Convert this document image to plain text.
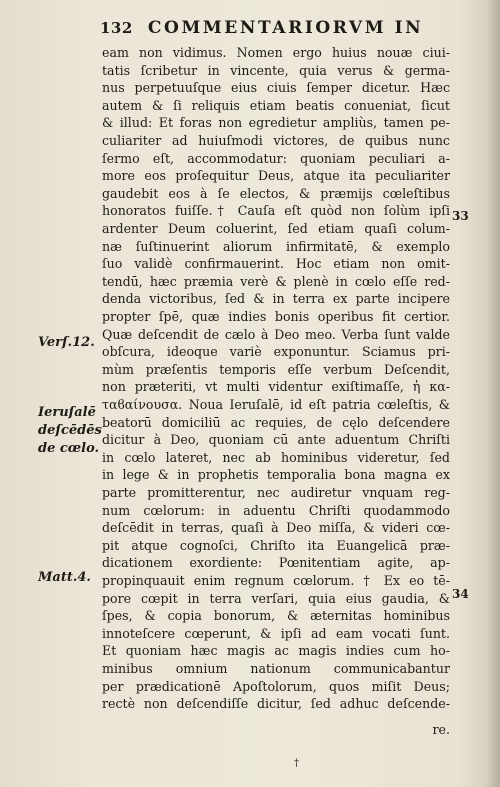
132 COMMENTARIORVM IN
eam non vidimus. Nomen ergo huius nouæ ciui-
tatis ſcribetur in vincente, quia verus & germa-
nus perpetuuſque eius ciuis ſemper dicetur. Hæc
autem & ſi reliquis etiam beatis conueniat, ſicut
& illud: Et foras non egredietur ampliùs, tamen pe-
culiariter ad huiuſmodi victores, de quibus nunc
ſermo eſt, accommodatur: quoniam peculiari a-
more eos proſequitur Deus, atque ita peculiariter
gaudebit eos à ſe electos, & præmijs cœleſtibus
honoratos fuiſſe.† Cauſa eſt quòd non ſolùm ipſi
ardenter Deum coluerint, ſed etiam quaſi colum-
næ ſuſtinuerint aliorum infirmitatē, & exemplo
ſuo validè confirmauerint. Hoc etiam non omit-
tendū, hæc præmia verè & plenè in cœlo eſſe red-
denda victoribus, ſed & in terra ex parte incipere
propter ſpē, quæ indies bonis operibus fit certior.
Quæ deſcendit de cælo à Deo meo. Verba ſunt valde
obſcura, ideoque variè exponuntur. Sciamus pri-
mùm præſentis temporis eſſe verbum Deſcendit,
non præteriti, vt multi videntur exiſtimaſſe, ἡ κα-
ταϐαίνουσα. Noua Ieruſalē, id eſt patria cœleſtis, &
beatorū domiciliū ac requies, de cęlo deſcendere
dicitur à Deo, quoniam cū ante aduentum Chriſti
in cœlo lateret, nec ab hominibus videretur, ſed
in lege & in prophetis temporalia bona magna ex
parte promitterentur, nec audiretur vnquam reg-
num cœlorum: in aduentu Chriſti quodammodo
deſcēdit in terras, quaſi à Deo miſſa, & videri cœ-
pit atque cognoſci, Chriſto ita Euangelicā præ-
dicationem exordiente: Pœnitentiam agite, ap-
propinquauit enim regnum cœlorum. † Ex eo tē-
pore cœpit in terra verſari, quia eius gaudia, &
ſpes, & copia bonorum, & æternitas hominibus
innoteſcere cœperunt, & ipſi ad eam vocati ſunt.
Et quoniam hæc magis ac magis indies cum ho-
minibus omnium nationum communicabantur
per prædicationē Apoſtolorum, quos miſit Deus;
rectè non deſcendiſſe dicitur, ſed adhuc deſcende-
re.
Verſ.12.
Ieruſalē
deſcēdēs
de cœlo.
Matt.4.
33
34
†
